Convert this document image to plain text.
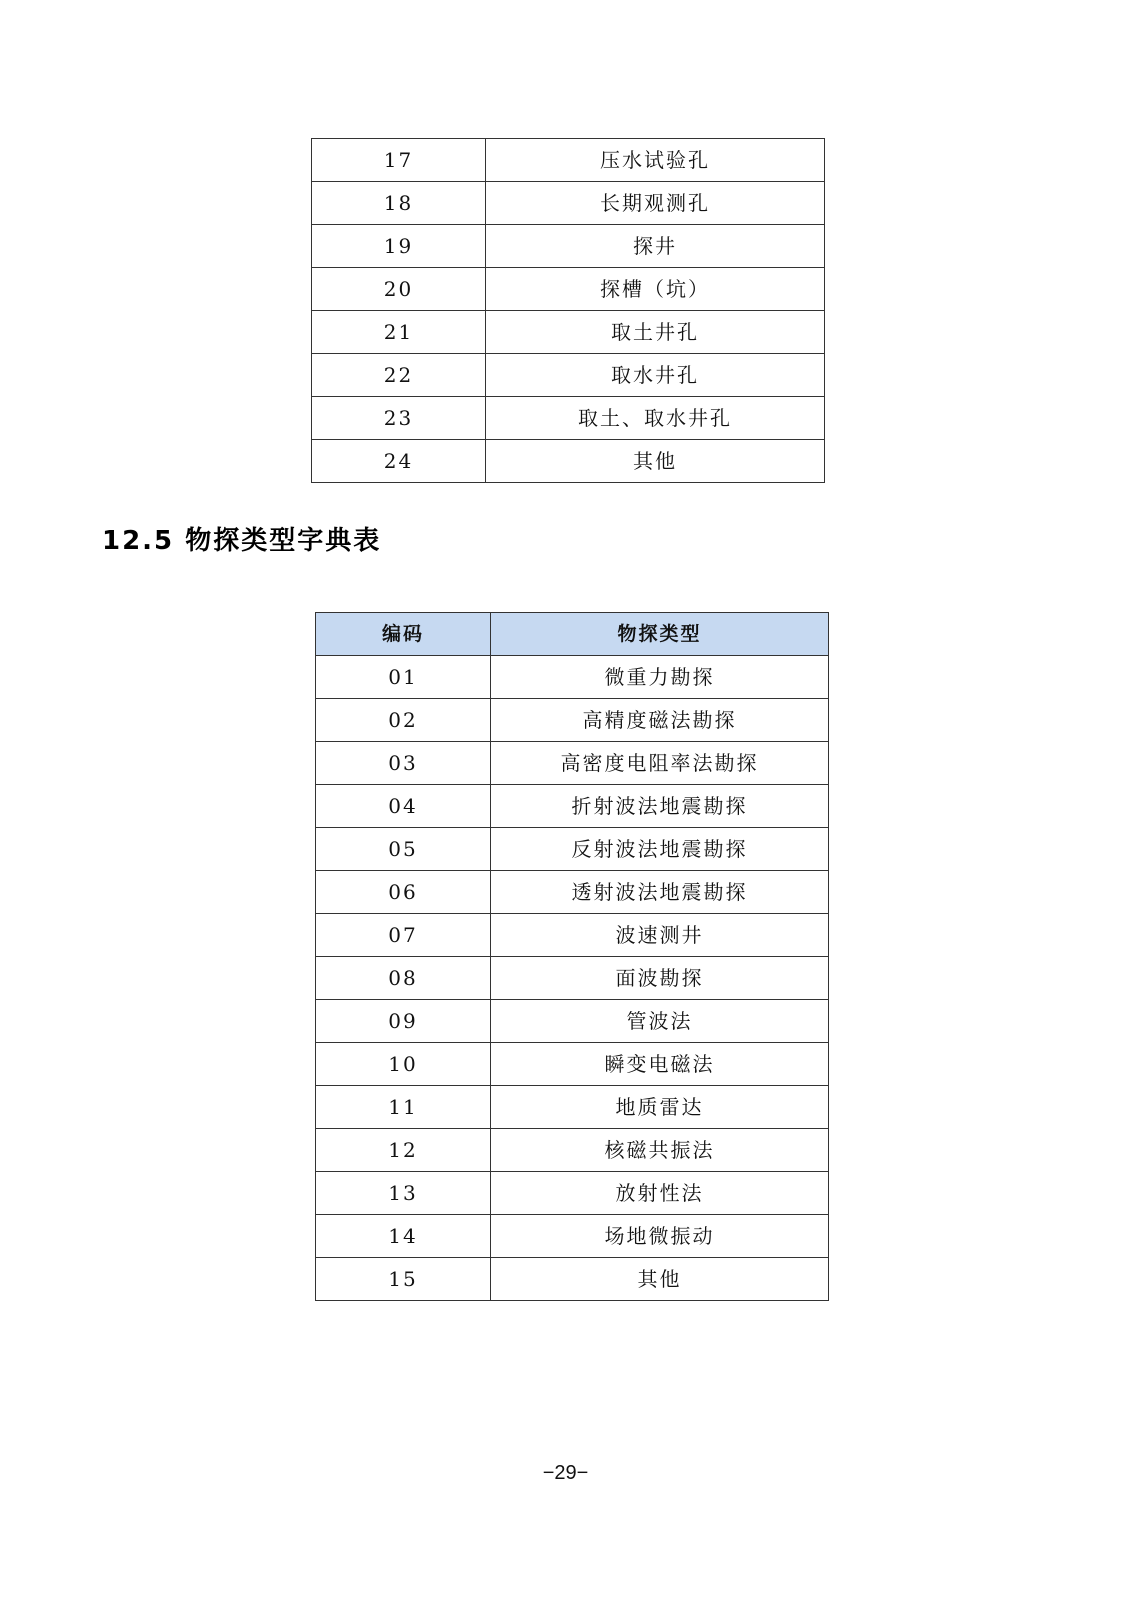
17	压水试验孔
18	长期观测孔
19	探井
20	探槽（坑）
21	取土井孔
22	取水井孔
23	取土、取水井孔
24	其他
12.5 物探类型字典表
编码	物探类型
01	微重力勘探
02	高精度磁法勘探
03	高密度电阻率法勘探
04	折射波法地震勘探
05	反射波法地震勘探
06	透射波法地震勘探
07	波速测井
08	面波勘探
09	管波法
10	瞬变电磁法
11	地质雷达
12	核磁共振法
13	放射性法
14	场地微振动
15	其他
−29−
